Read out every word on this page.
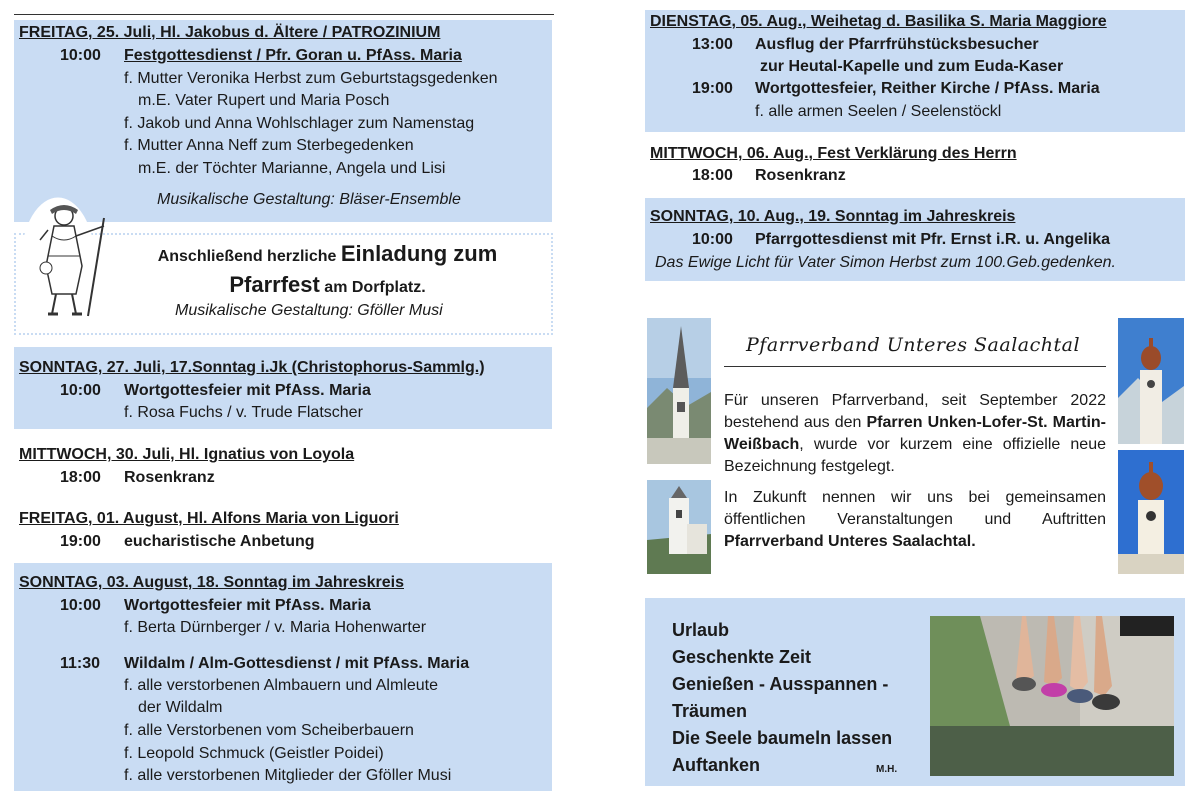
FREITAG, 25. Juli, Hl. Jakobus d. Ältere / PATROZINIUM
10:00 Festgottesdienst / Pfr. Goran u. PfAss. Maria
f. Mutter Veronika Herbst zum Geburtstagsgedenken
m.E. Vater Rupert und Maria Posch
f. Jakob und Anna Wohlschlager zum Namenstag
f. Mutter Anna Neff zum Sterbegedenken
m.E. der Töchter Marianne, Angela und Lisi
Musikalische Gestaltung: Bläser-Ensemble
Anschließend herzliche Einladung zum
Pfarrfest am Dorfplatz.
Musikalische Gestaltung: Gföller Musi
SONNTAG, 27. Juli, 17.Sonntag i.Jk (Christophorus-Sammlg.)
10:00 Wortgottesfeier mit PfAss. Maria
f. Rosa Fuchs / v. Trude Flatscher
MITTWOCH, 30. Juli, Hl. Ignatius von Loyola
18:00 Rosenkranz
FREITAG, 01. August, Hl. Alfons Maria von Liguori
19:00 eucharistische Anbetung
SONNTAG, 03. August, 18. Sonntag im Jahreskreis
10:00 Wortgottesfeier mit PfAss. Maria
f. Berta Dürnberger / v. Maria Hohenwarter
11:30 Wildalm / Alm-Gottesdienst / mit PfAss. Maria
f. alle verstorbenen Almbauern und Almleute
der Wildalm
f. alle Verstorbenen vom Scheiberbauern
f. Leopold Schmuck (Geistler Poidei)
f. alle verstorbenen Mitglieder der Gföller Musi
DIENSTAG, 05. Aug., Weihetag d. Basilika S. Maria Maggiore
13:00 Ausflug der Pfarrfrühstücksbesucher
zur Heutal-Kapelle und zum Euda-Kaser
19:00 Wortgottesfeier, Reither Kirche / PfAss. Maria
f. alle armen Seelen / Seelenstöckl
MITTWOCH, 06. Aug., Fest Verklärung des Herrn
18:00 Rosenkranz
SONNTAG, 10. Aug., 19. Sonntag im Jahreskreis
10:00 Pfarrgottesdienst mit Pfr. Ernst i.R. u. Angelika
Das Ewige Licht für Vater Simon Herbst zum 100.Geb.gedenken.
Pfarrverband Unteres Saalachtal

Für unseren Pfarrverband, seit September 2022 bestehend aus den Pfarren Unken-Lofer-St. Martin-Weißbach, wurde vor kurzem eine offizielle neue Bezeichnung festgelegt.

In Zukunft nennen wir uns bei gemeinsamen öffentlichen Veranstaltungen und Auftritten Pfarrverband Unteres Saalachtal.

Urlaub
Geschenkte Zeit
Genießen - Ausspannen -
Träumen
Die Seele baumeln lassen
Auftanken	M.H.
